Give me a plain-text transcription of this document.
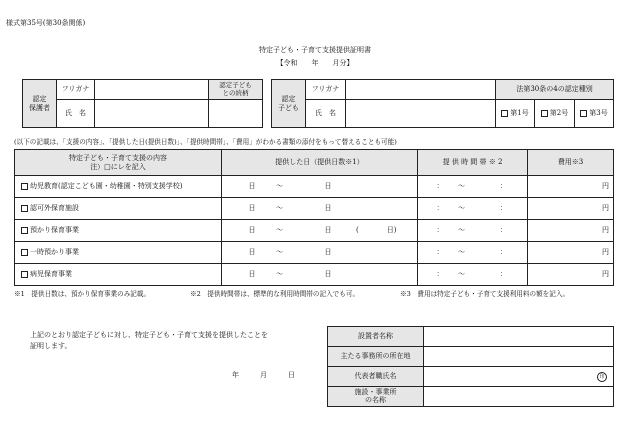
様式第35号(第30条関係)
特定子ども・子育て支援提供証明書
【令和　　年　　月分】
認定
保護者	フリガナ		認定子ども
との続柄
	氏　名		
認定
子ども	フリガナ		法第30条の4の認定種別		
	氏　名		第1号	第2号	第3号
(以下の記載は、「支援の内容」、「提供した日(提供日数)」、「提供時間帯」、「費用」がわかる書類の添付をもって替えることも可能)
特定子ども・子育て支援の内容
注）□にレを記入	提供した日（提供日数※1）				提 供 時 間 帯 ※ 2			費用※3
幼児教育(認定こども園・幼稚園・特別支援学校)	日	〜	日		：	〜	：	円
認可外保育施設	日	〜	日		：	〜	：	円
預かり保育事業	日	〜	日	(　　　　日)	：	〜	：	円
一時預かり事業	日	〜	日		：	〜	：	円
病児保育事業	日	〜	日		：	〜	：	円
※1　提供日数は、預かり保育事業のみ記載。	※2　提供時間帯は、標準的な利用時間帯の記入でも可。	※3　費用は特定子ども・子育て支援利用料の額を記入。
上記のとおり認定子どもに対し、特定子ども・子育て支援を提供したことを
証明します。
年　　　月　　　日
設置者名称	
主たる事務所の所在地	
代表者職氏名	印
施設・事業所
の名称	
